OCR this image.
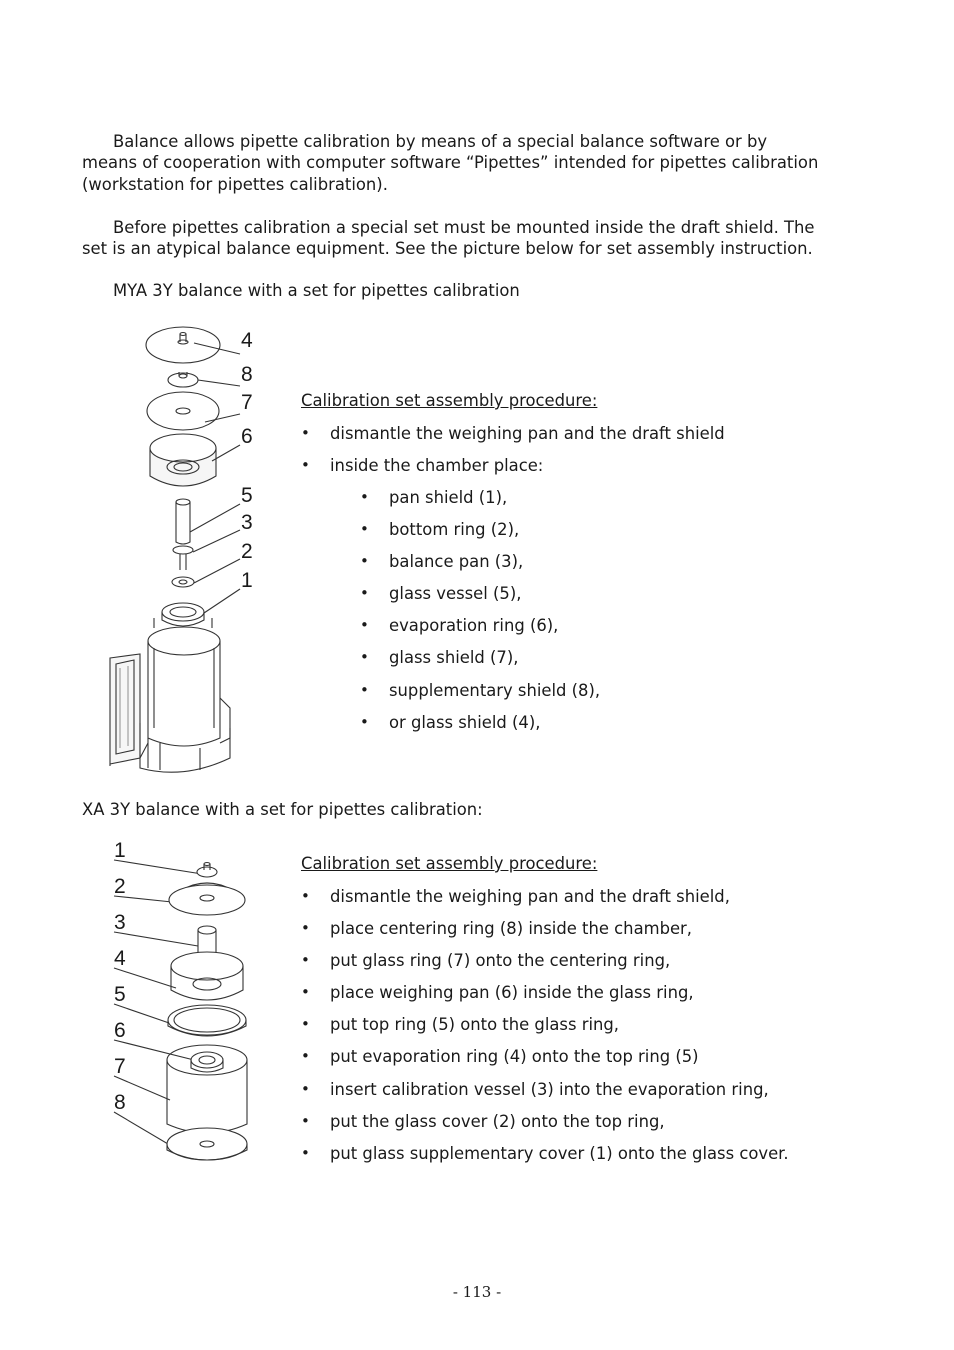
Balance allows pipette calibration by means of a special balance software or by
means of cooperation with computer software “Pipettes” intended for pipettes calibration
(workstation for pipettes calibration).

Before pipettes calibration a special set must be mounted inside the draft shield. The
set is an atypical balance equipment. See the picture below for set assembly instruction.

MYA 3Y balance with a set for pipettes calibration

4
8
7
6
5
3
2
1

Calibration set assembly procedure:

• dismantle the weighing pan and the draft shield
• inside the chamber place:
• pan shield (1),
• bottom ring (2),
• balance pan (3),
• glass vessel (5),
• evaporation ring (6),
• glass shield (7),
• supplementary shield (8),
• or glass shield (4),

XA 3Y balance with a set for pipettes calibration:

1
2
3
4
5
6
7
8

Calibration set assembly procedure:

• dismantle the weighing pan and the draft shield,
• place centering ring (8) inside the chamber,
• put glass ring (7) onto the centering ring,
• place weighing pan (6) inside the glass ring,
• put top ring (5) onto the glass ring,
• put evaporation ring (4) onto the top ring (5)
• insert calibration vessel (3) into the evaporation ring,
• put the glass cover (2) onto the top ring,
• put glass supplementary cover (1) onto the glass cover.

- 113 -
